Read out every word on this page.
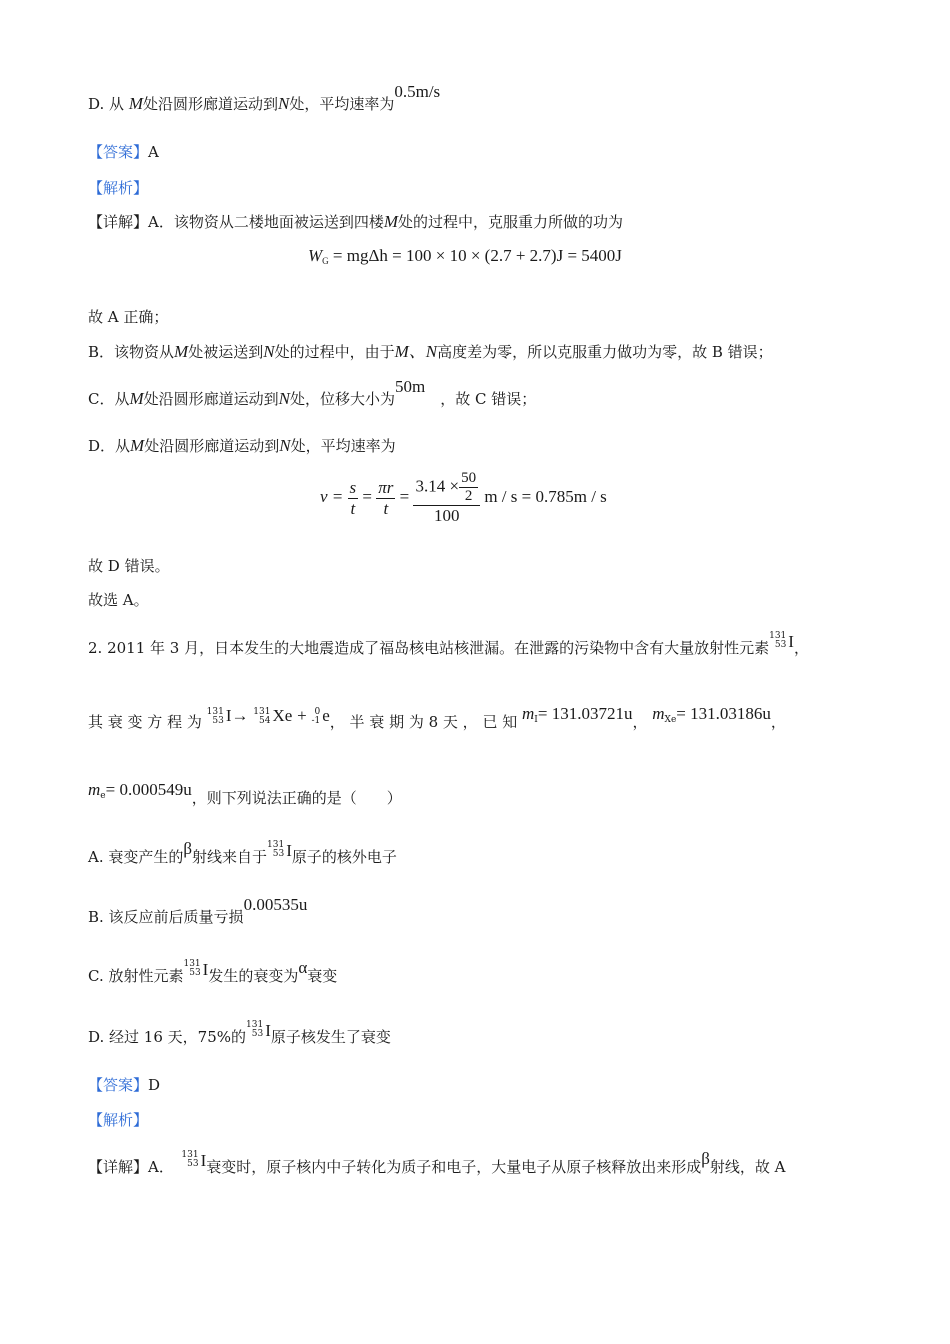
D. 从 M处沿圆形廊道运动到N处，平均速率为0.5m/s
【答案】A
【解析】
【详解】A．该物资从二楼地面被运送到四楼M处的过程中，克服重力所做的功为
$W_G = mg\Delta h = 100 \times 10 \times (2.7 + 2.7)J = 5400J$
故 A 正确；
B．该物资从M处被运送到N处的过程中，由于M、N高度差为零，所以克服重力做功为零，故 B 错误；
C．从M处沿圆形廊道运动到N处，位移大小为50m　，故 C 错误；
D．从M处沿圆形廊道运动到N处，平均速率为
$v = \frac{s}{t} = \frac{\pi r}{t} = \frac{3.14 \times \frac{50}{2}}{100}$ m / s = 0.785m / s
故 D 错误。
故选 A。
2. 2011 年 3 月，日本发生的大地震造成了福岛核电站核泄漏。在泄露的污染物中含有大量放射性元素
131
53 I，
其 衰 变 方 程 为
131
53 I→ 131
54 Xe + 0
-1 e， 半 衰 期 为 8 天 ， 已 知 $m^I= 131.03721u$， $m^{Xe}= 131.03186u$，
$m^e= 0.000549u$，则下列说法正确的是（　　）
A. 衰变产生的β射线来自于
131
53 I原子的核外电子
B. 该反应前后质量亏损0.00535u
C. 放射性元素
131
53 I发生的衰变为α衰变
D. 经过 16 天，75%的
131
53 I原子核发生了衰变
【答案】D
【解析】
【详解】A．　
131
53 I衰变时，原子核内中子转化为质子和电子，大量电子从原子核释放出来形成β射线，故 A
